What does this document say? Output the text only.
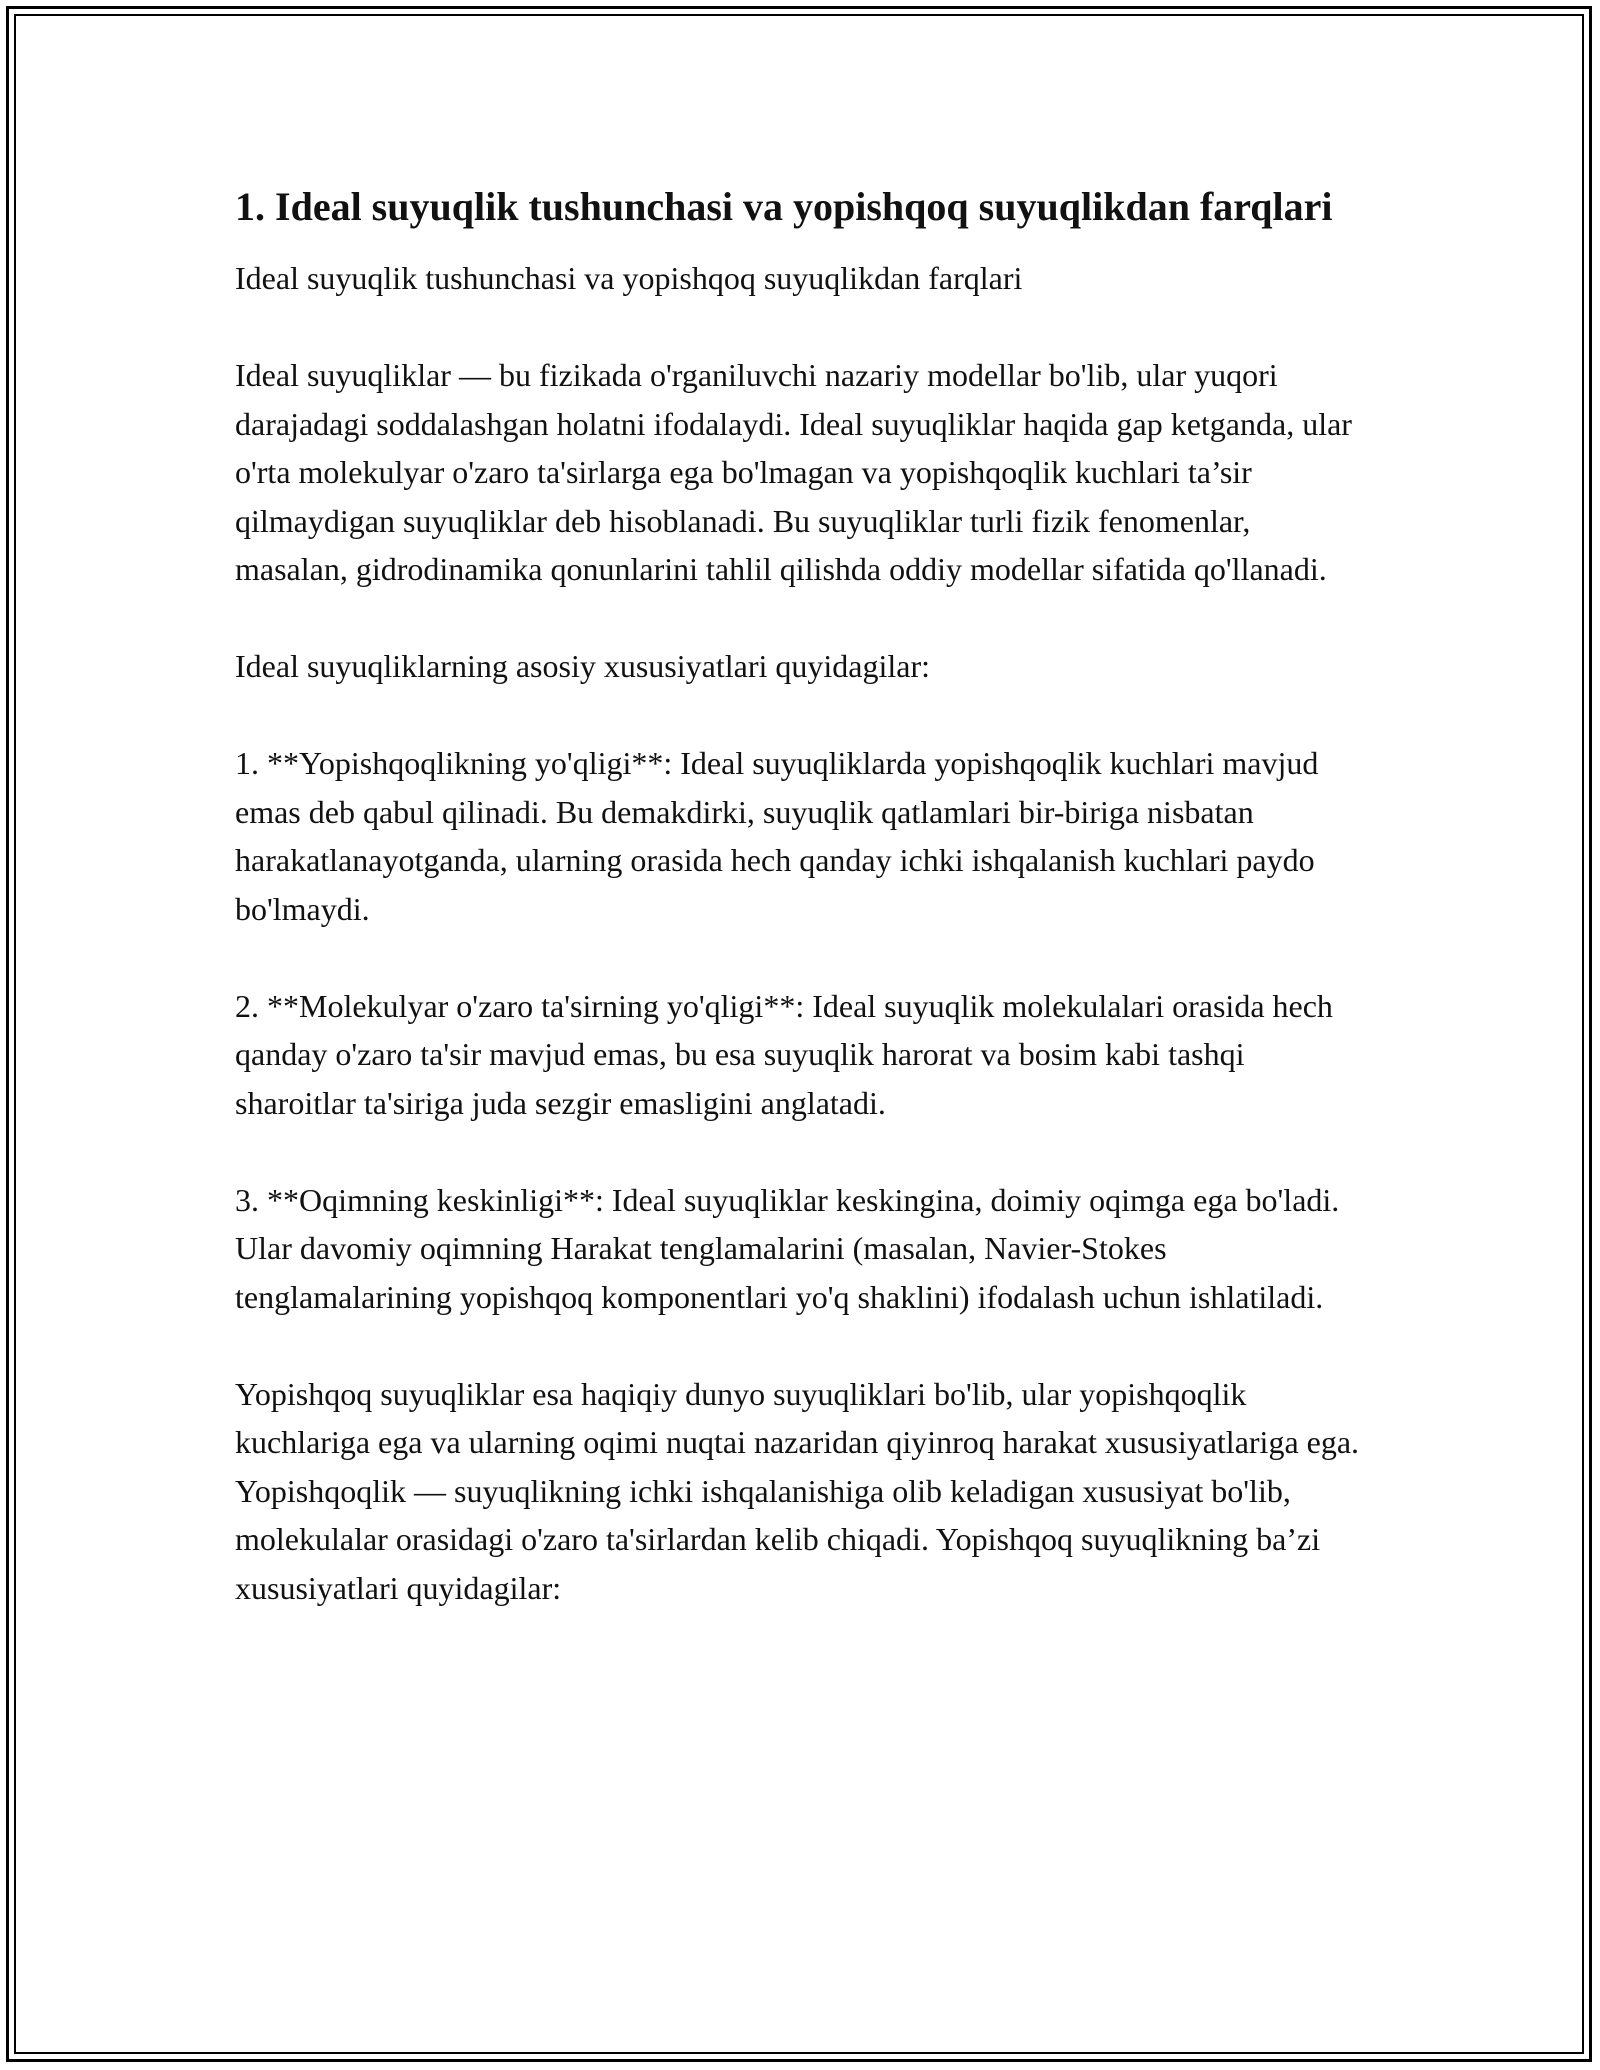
1. Ideal suyuqlik tushunchasi va yopishqoq suyuqlikdan farqlari

Ideal suyuqlik tushunchasi va yopishqoq suyuqlikdan farqlari

Ideal suyuqliklar — bu fizikada o'rganiluvchi nazariy modellar bo'lib, ular yuqori darajadagi soddalashgan holatni ifodalaydi. Ideal suyuqliklar haqida gap ketganda, ular o'rta molekulyar o'zaro ta'sirlarga ega bo'lmagan va yopishqoqlik kuchlari ta’sir qilmaydigan suyuqliklar deb hisoblanadi. Bu suyuqliklar turli fizik fenomenlar, masalan, gidrodinamika qonunlarini tahlil qilishda oddiy modellar sifatida qo'llanadi.

Ideal suyuqliklarning asosiy xususiyatlari quyidagilar:

1. **Yopishqoqlikning yo'qligi**: Ideal suyuqliklarda yopishqoqlik kuchlari mavjud emas deb qabul qilinadi. Bu demakdirki, suyuqlik qatlamlari bir-biriga nisbatan harakatlanayotganda, ularning orasida hech qanday ichki ishqalanish kuchlari paydo bo'lmaydi.

2. **Molekulyar o'zaro ta'sirning yo'qligi**: Ideal suyuqlik molekulalari orasida hech qanday o'zaro ta'sir mavjud emas, bu esa suyuqlik harorat va bosim kabi tashqi sharoitlar ta'siriga juda sezgir emasligini anglatadi.

3. **Oqimning keskinligi**: Ideal suyuqliklar keskingina, doimiy oqimga ega bo'ladi. Ular davomiy oqimning Harakat tenglamalarini (masalan, Navier-Stokes tenglamalarining yopishqoq komponentlari yo'q shaklini) ifodalash uchun ishlatiladi.

Yopishqoq suyuqliklar esa haqiqiy dunyo suyuqliklari bo'lib, ular yopishqoqlik kuchlariga ega va ularning oqimi nuqtai nazaridan qiyinroq harakat xususiyatlariga ega. Yopishqoqlik — suyuqlikning ichki ishqalanishiga olib keladigan xususiyat bo'lib, molekulalar orasidagi o'zaro ta'sirlardan kelib chiqadi. Yopishqoq suyuqlikning ba’zi xususiyatlari quyidagilar:
